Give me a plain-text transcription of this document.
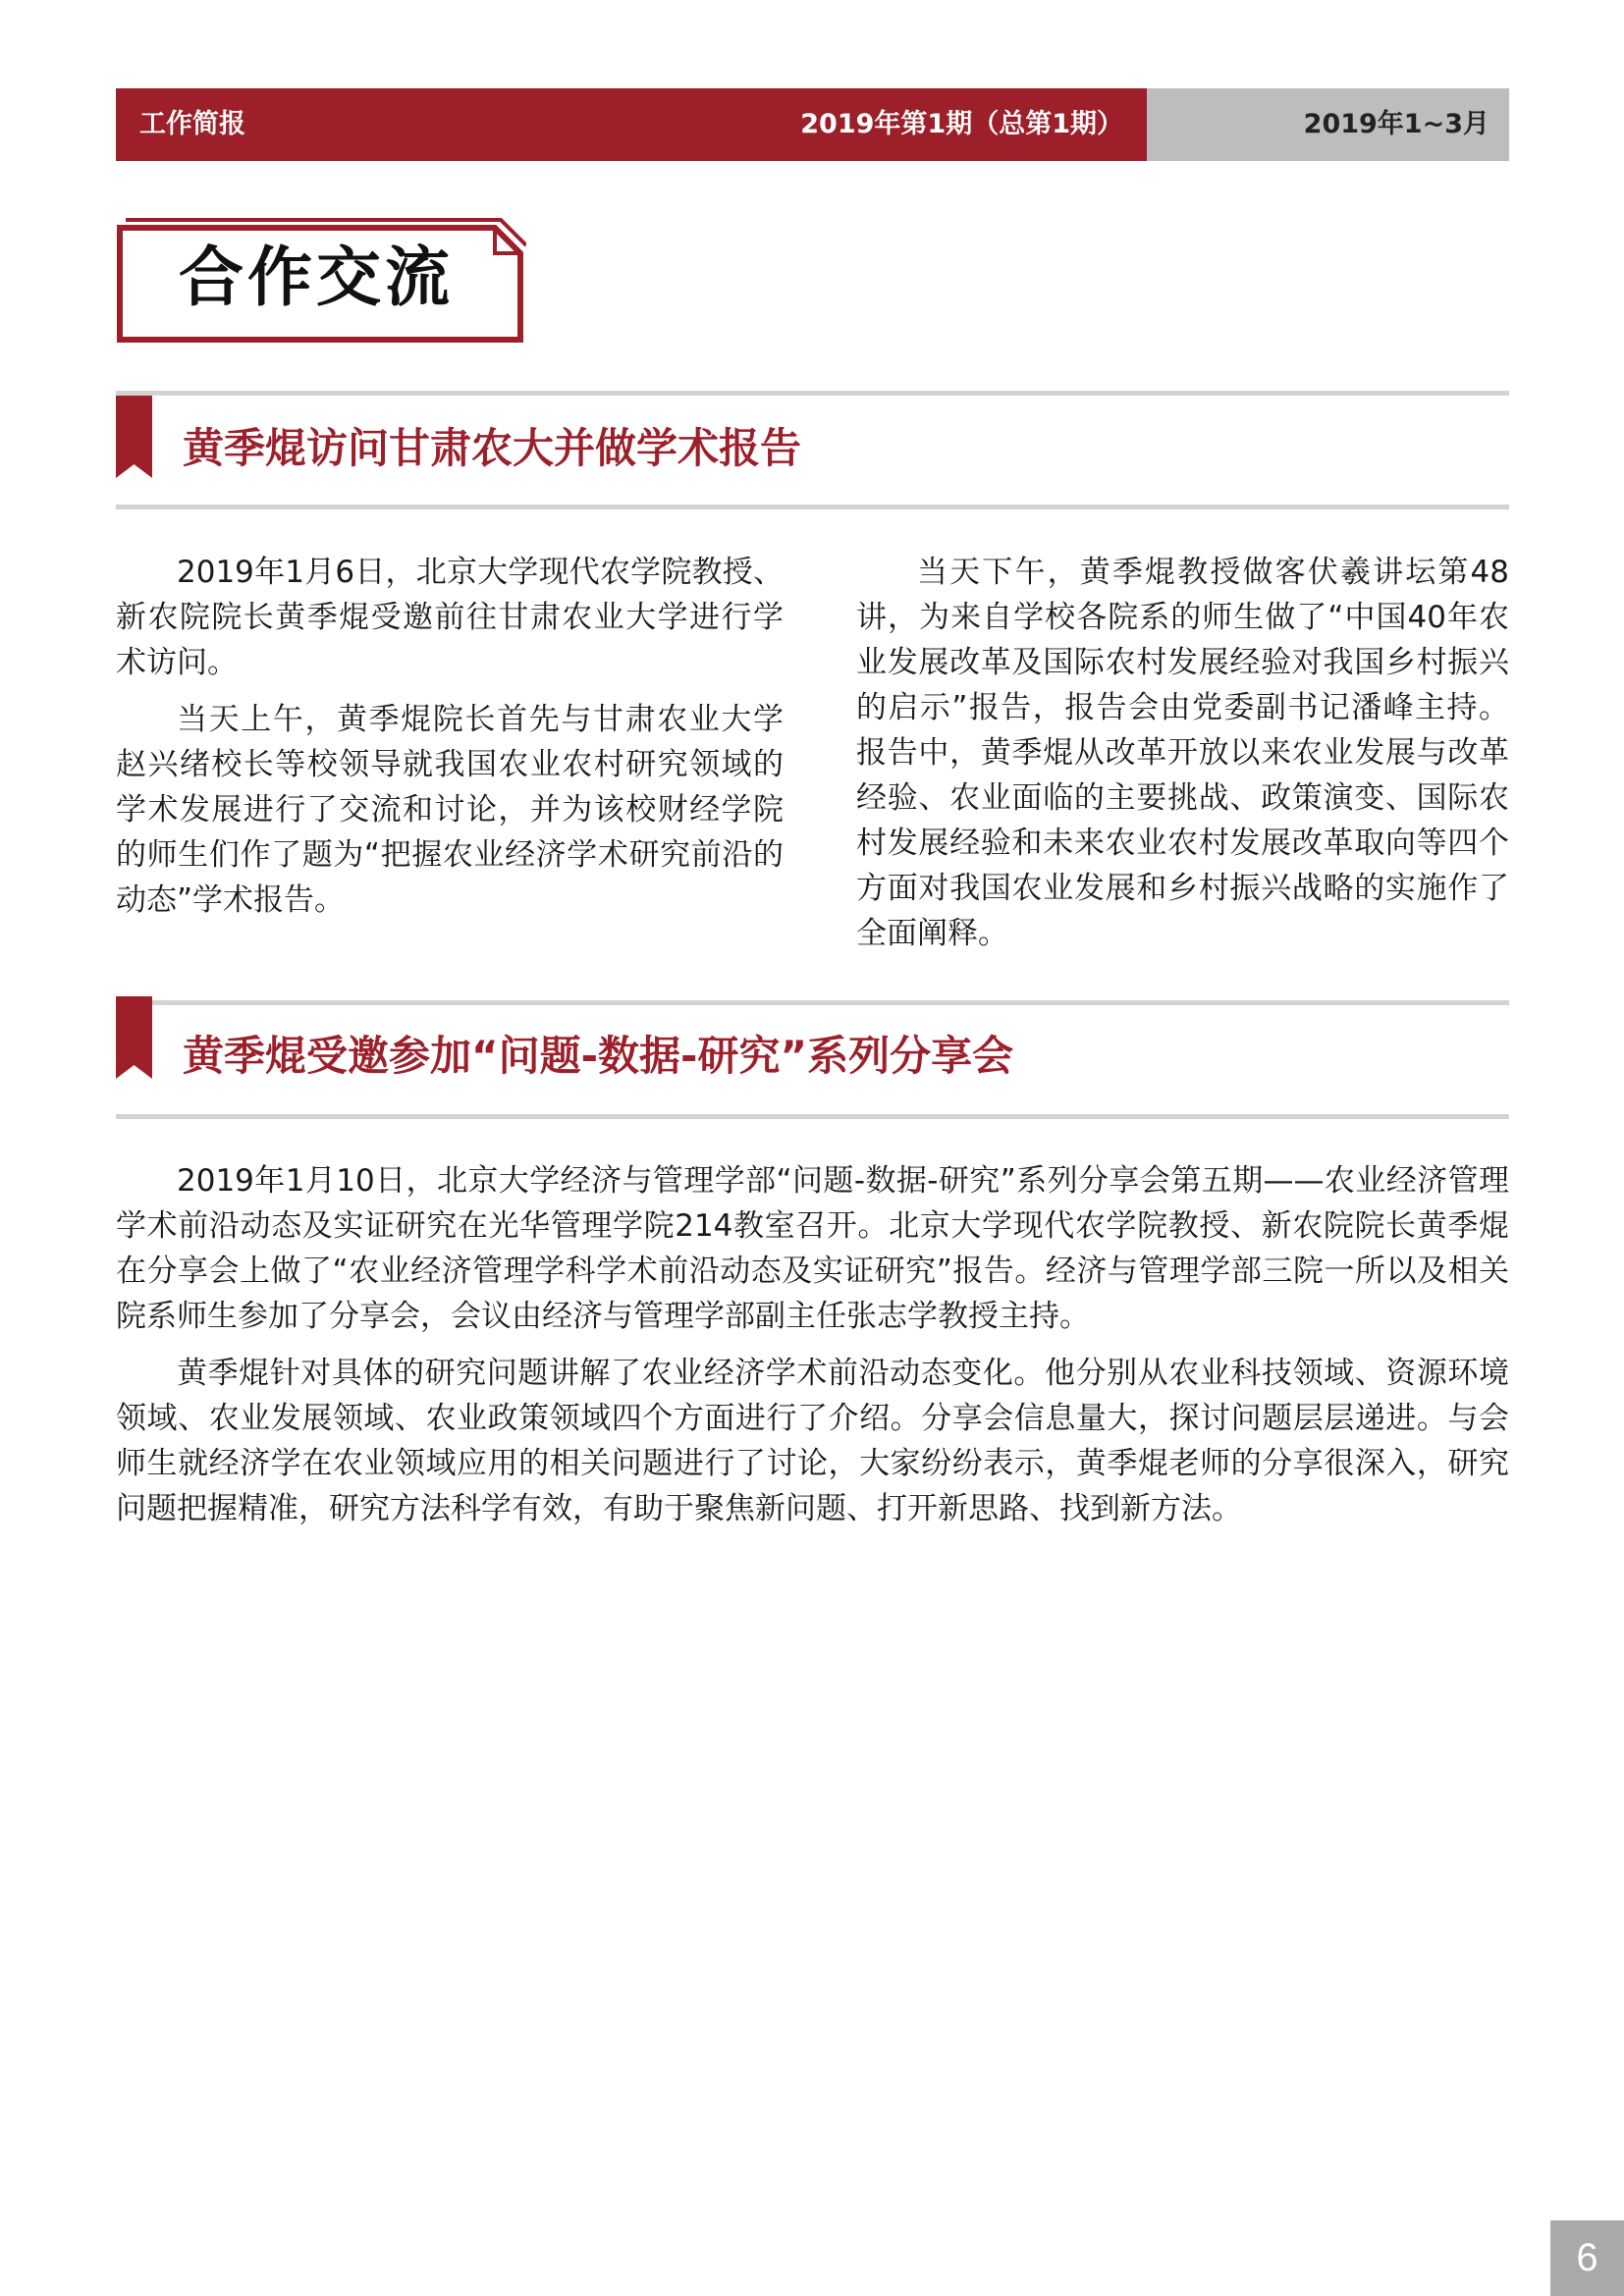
工作简报	2019年第1期（总第1期）	2019年1~3月
合作交流
黄季焜访问甘肃农大并做学术报告

2019年1月6日，北京大学现代农学院教授、新农院院长黄季焜受邀前往甘肃农业大学进行学术访问。

当天上午，黄季焜院长首先与甘肃农业大学赵兴绪校长等校领导就我国农业农村研究领域的学术发展进行了交流和讨论，并为该校财经学院的师生们作了题为“把握农业经济学术研究前沿的动态”学术报告。

当天下午，黄季焜教授做客伏羲讲坛第48讲，为来自学校各院系的师生做了“中国40年农业发展改革及国际农村发展经验对我国乡村振兴的启示”报告，报告会由党委副书记潘峰主持。报告中，黄季焜从改革开放以来农业发展与改革经验、农业面临的主要挑战、政策演变、国际农村发展经验和未来农业农村发展改革取向等四个方面对我国农业发展和乡村振兴战略的实施作了全面阐释。

黄季焜受邀参加“问题-数据-研究”系列分享会

2019年1月10日，北京大学经济与管理学部“问题-数据-研究”系列分享会第五期——农业经济管理学术前沿动态及实证研究在光华管理学院214教室召开。北京大学现代农学院教授、新农院院长黄季焜在分享会上做了“农业经济管理学科学术前沿动态及实证研究”报告。经济与管理学部三院一所以及相关院系师生参加了分享会，会议由经济与管理学部副主任张志学教授主持。

黄季焜针对具体的研究问题讲解了农业经济学术前沿动态变化。他分别从农业科技领域、资源环境领域、农业发展领域、农业政策领域四个方面进行了介绍。分享会信息量大，探讨问题层层递进。与会师生就经济学在农业领域应用的相关问题进行了讨论，大家纷纷表示，黄季焜老师的分享很深入，研究问题把握精准，研究方法科学有效，有助于聚焦新问题、打开新思路、找到新方法。

6
